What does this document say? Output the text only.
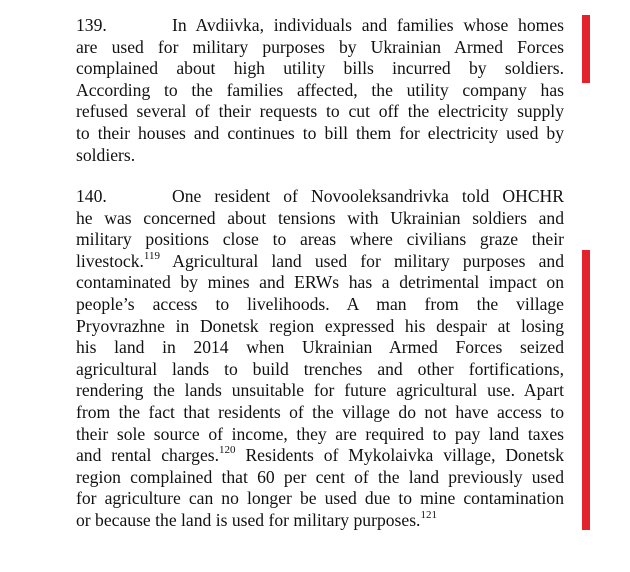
139.	In Avdiivka, individuals and families whose homes
are used for military purposes by Ukrainian Armed Forces
complained about high utility bills incurred by soldiers.
According to the families affected, the utility company has
refused several of their requests to cut off the electricity supply
to their houses and continues to bill them for electricity used by
soldiers.
140.	One resident of Novooleksandrivka told OHCHR
he was concerned about tensions with Ukrainian soldiers and
military positions close to areas where civilians graze their
livestock.$^{119}$ Agricultural land used for military purposes and
contaminated by mines and ERWs has a detrimental impact on
people’s access to livelihoods. A man from the village
Pryovrazhne in Donetsk region expressed his despair at losing
his land in 2014 when Ukrainian Armed Forces seized
agricultural lands to build trenches and other fortifications,
rendering the lands unsuitable for future agricultural use. Apart
from the fact that residents of the village do not have access to
their sole source of income, they are required to pay land taxes
and rental charges.$^{120}$ Residents of Mykolaivka village, Donetsk
region complained that 60 per cent of the land previously used
for agriculture can no longer be used due to mine contamination
or because the land is used for military purposes.$^{121}$
